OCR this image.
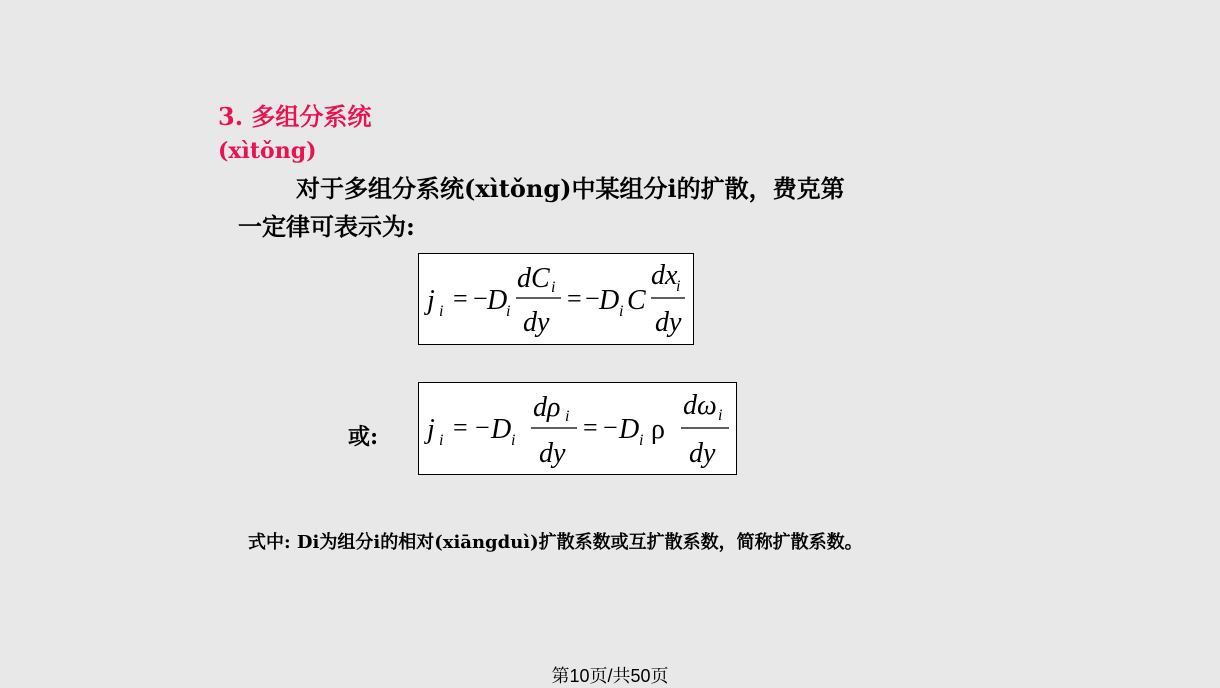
3. 多组分系统
(xìtǒng)
对于多组分系统(xìtǒng)中某组分i的扩散，费克第
一定律可表示为:
j i = − D
i
dC i
dy
= − D i C
dx
i
dy
或: j i = − D i
dρ i
dy
= − D i ρ
dω i
dy
式中: Di为组分i的相对(xiāngduì)扩散系数或互扩散系数，简称扩散系数。
第10页/共50页
